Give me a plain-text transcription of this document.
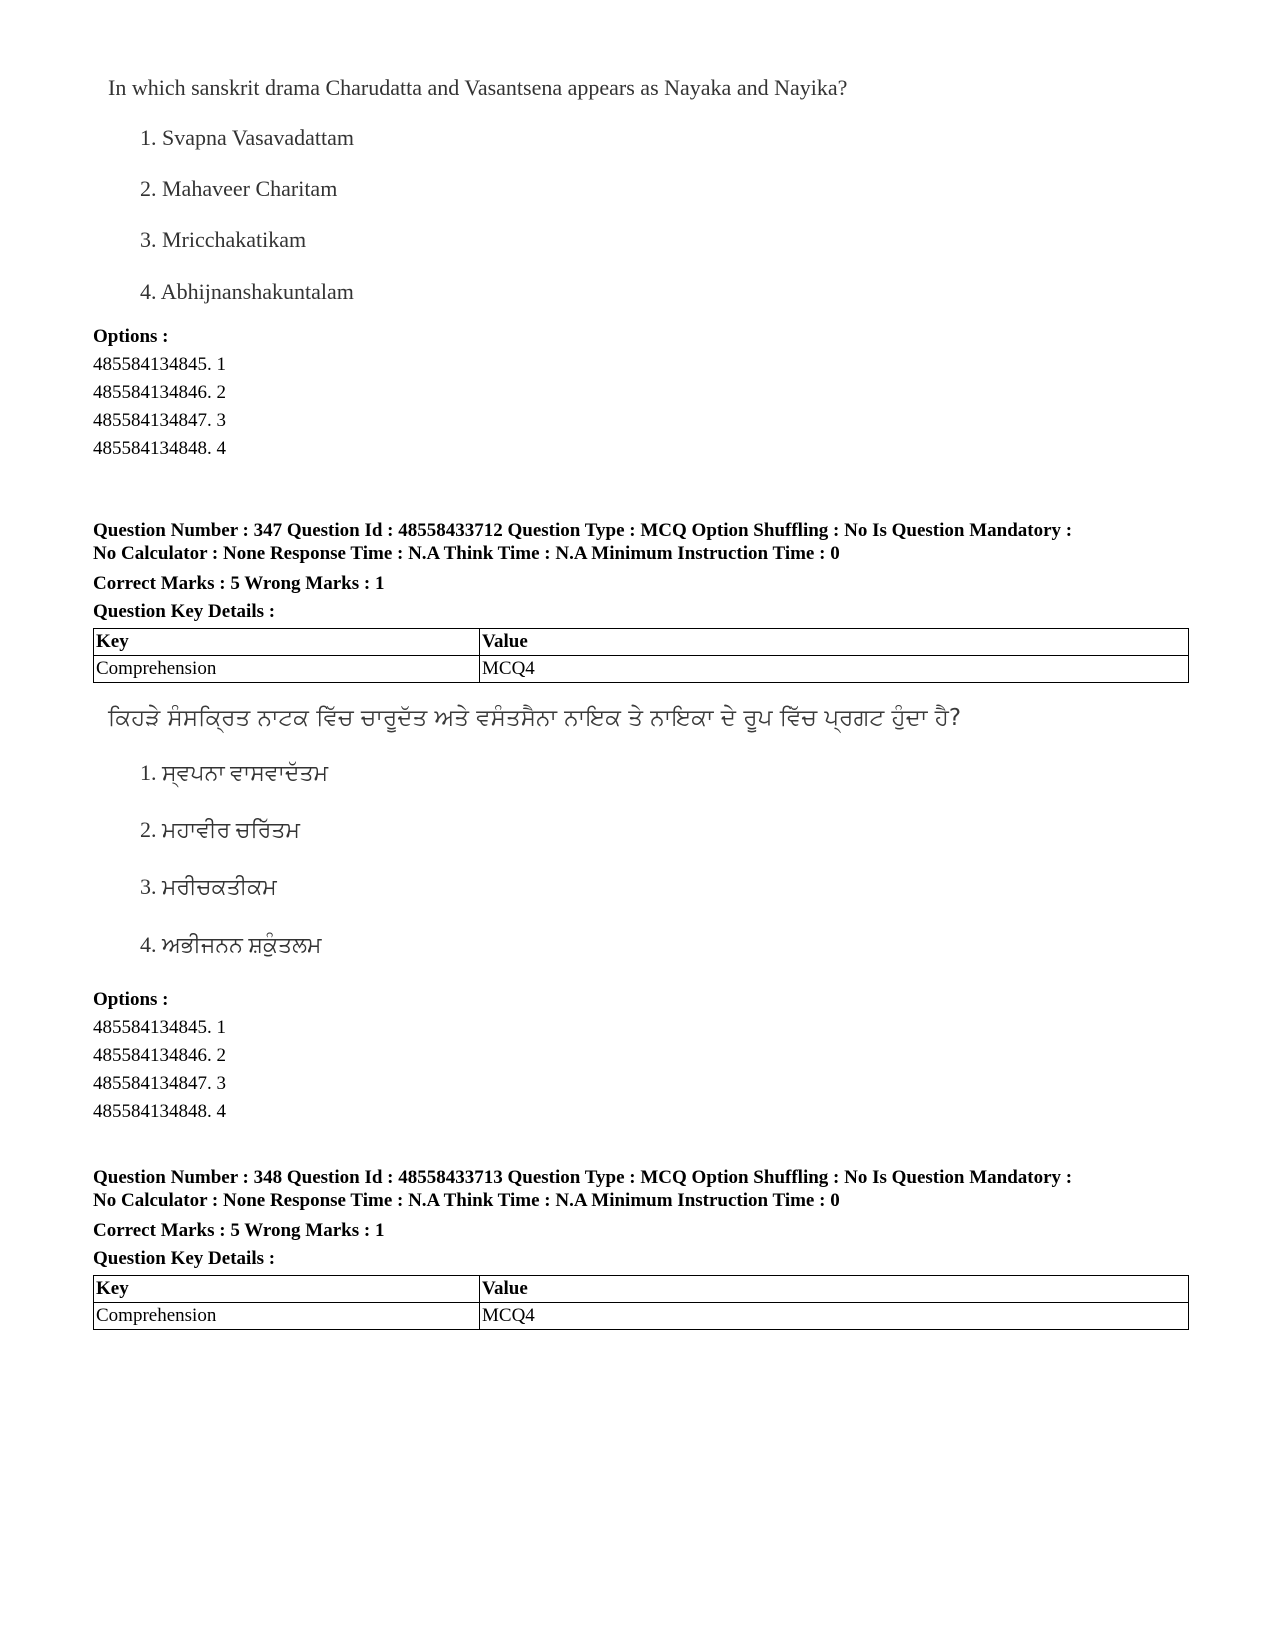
In which sanskrit drama Charudatta and Vasantsena appears as Nayaka and Nayika?
1. Svapna Vasavadattam
2. Mahaveer Charitam
3. Mricchakatikam
4. Abhijnanshakuntalam
Options :
485584134845. 1
485584134846. 2
485584134847. 3
485584134848. 4
Question Number : 347 Question Id : 48558433712 Question Type : MCQ Option Shuffling : No Is Question Mandatory :
No Calculator : None Response Time : N.A Think Time : N.A Minimum Instruction Time : 0
Correct Marks : 5 Wrong Marks : 1
Question Key Details :
Key	Value
Comprehension	MCQ4
ਕਿਹੜੇ ਸੰਸਕ੍ਰਿਤ ਨਾਟਕ ਵਿੱਚ ਚਾਰੂਦੱਤ ਅਤੇ ਵਸੰਤਸੈਨਾ ਨਾਇਕ ਤੇ ਨਾਇਕਾ ਦੇ ਰੂਪ ਵਿੱਚ ਪ੍ਰਗਟ ਹੁੰਦਾ ਹੈ?
1. ਸ੍ਵਪਨਾ ਵਾਸਵਾਦੱਤਮ
2. ਮਹਾਵੀਰ ਚਰਿੱਤਮ
3. ਮਰੀਚਕਤੀਕਮ
4. ਅਭੀਜਨਨ ਸ਼ਕੁੰਤਲਮ
Options :
485584134845. 1
485584134846. 2
485584134847. 3
485584134848. 4
Question Number : 348 Question Id : 48558433713 Question Type : MCQ Option Shuffling : No Is Question Mandatory :
No Calculator : None Response Time : N.A Think Time : N.A Minimum Instruction Time : 0
Correct Marks : 5 Wrong Marks : 1
Question Key Details :
Key	Value
Comprehension	MCQ4
